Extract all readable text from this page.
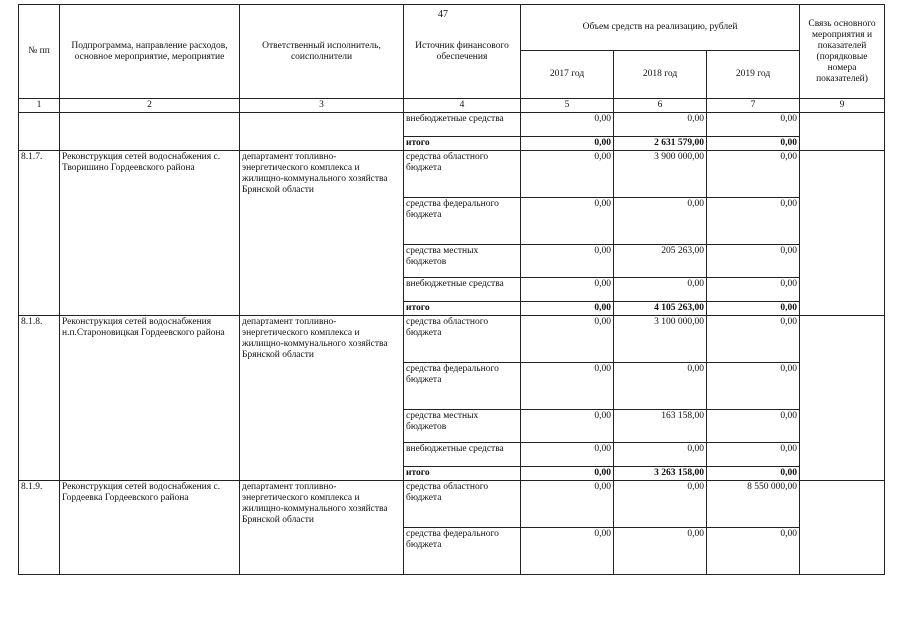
47
№ пп	Подпрограмма, направление расходов, основное мероприятие, мероприятие	Ответственный исполнитель, соисполнители	Источник финансового обеспечения	Объем средств на реализацию, рублей			Связь основного мероприятия и показателей (порядковые номера показателей)
				2017 год	2018 год	2019 год	
1	2	3	4	5	6	7	9
			внебюджетные средства	0,00	0,00	0,00	
			итого	0,00	2 631 579,00	0,00	
8.1.7.	Реконструкция сетей водоснабжения с. Творишино Гордеевского района	департамент топливно-энергетического комплекса и жилищно-коммунального хозяйства Брянской области	средства областного бюджета	0,00	3 900 000,00	0,00	
			средства федерального бюджета	0,00	0,00	0,00	
			средства местных бюджетов	0,00	205 263,00	0,00	
			внебюджетные средства	0,00	0,00	0,00	
			итого	0,00	4 105 263,00	0,00	
8.1.8.	Реконструкция сетей водоснабжения н.п.Староновицкая Гордеевского района	департамент топливно-энергетического комплекса и жилищно-коммунального хозяйства Брянской области	средства областного бюджета	0,00	3 100 000,00	0,00	
			средства федерального бюджета	0,00	0,00	0,00	
			средства местных бюджетов	0,00	163 158,00	0,00	
			внебюджетные средства	0,00	0,00	0,00	
			итого	0,00	3 263 158,00	0,00	
8.1.9.	Реконструкция сетей водоснабжения с. Гордеевка Гордеевского района	департамент топливно-энергетического комплекса и жилищно-коммунального хозяйства Брянской области	средства областного бюджета	0,00	0,00	8 550 000,00	
			средства федерального бюджета	0,00	0,00	0,00	
